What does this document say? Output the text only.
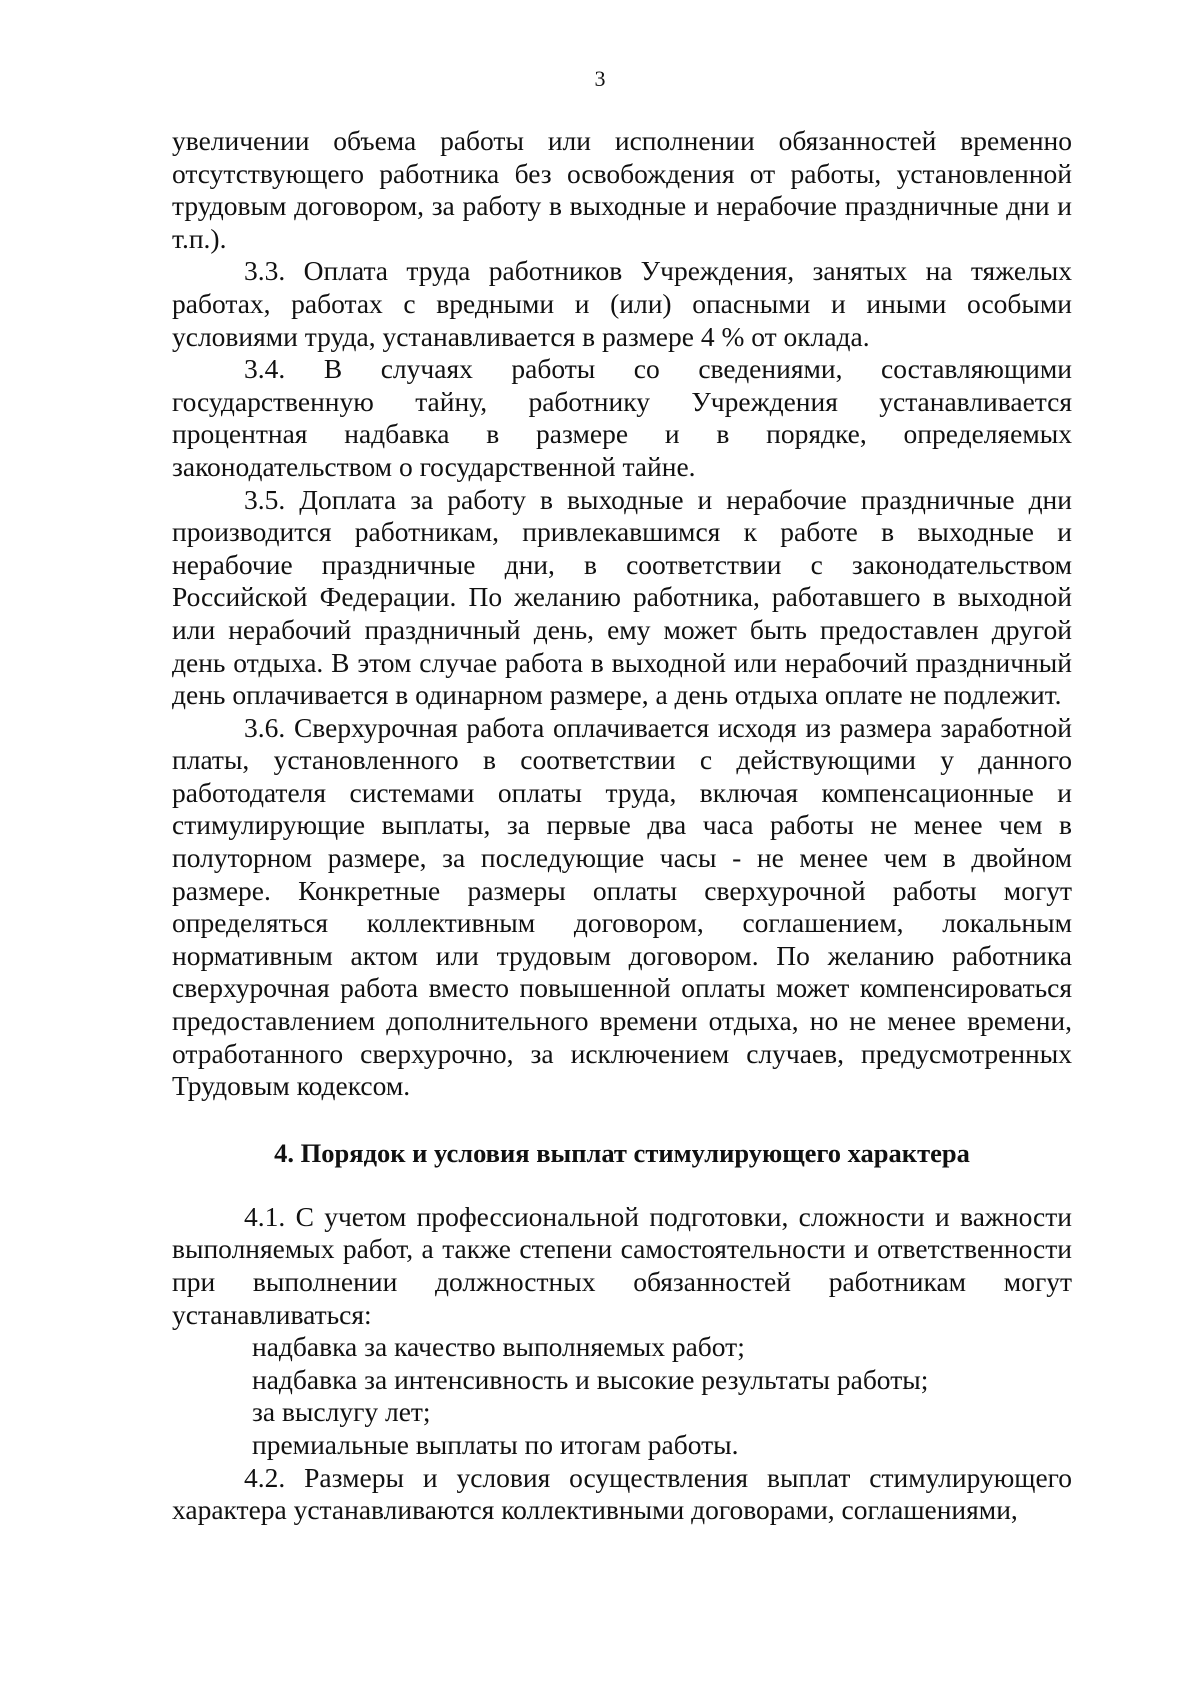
3

увеличении объема работы или исполнении обязанностей временно отсутствующего работника без освобождения от работы, установленной трудовым договором, за работу в выходные и нерабочие праздничные дни и т.п.).

3.3. Оплата труда работников Учреждения, занятых на тяжелых работах, работах с вредными и (или) опасными и иными особыми условиями труда, устанавливается в размере 4 % от оклада.

3.4. В случаях работы со сведениями, составляющими государственную тайну, работнику Учреждения устанавливается процентная надбавка в размере и в порядке, определяемых законодательством о государственной тайне.

3.5. Доплата за работу в выходные и нерабочие праздничные дни производится работникам, привлекавшимся к работе в выходные и нерабочие праздничные дни, в соответствии с законодательством Российской Федерации. По желанию работника, работавшего в выходной или нерабочий праздничный день, ему может быть предоставлен другой день отдыха. В этом случае работа в выходной или нерабочий праздничный день оплачивается в одинарном размере, а день отдыха оплате не подлежит.

3.6. Сверхурочная работа оплачивается исходя из размера заработной платы, установленного в соответствии с действующими у данного работодателя системами оплаты труда, включая компенсационные и стимулирующие выплаты, за первые два часа работы не менее чем в полуторном размере, за последующие часы - не менее чем в двойном размере. Конкретные размеры оплаты сверхурочной работы могут определяться коллективным договором, соглашением, локальным нормативным актом или трудовым договором. По желанию работника сверхурочная работа вместо повышенной оплаты может компенсироваться предоставлением дополнительного времени отдыха, но не менее времени, отработанного сверхурочно, за исключением случаев, предусмотренных Трудовым кодексом.

4. Порядок и условия выплат стимулирующего характера

4.1. С учетом профессиональной подготовки, сложности и важности выполняемых работ, а также степени самостоятельности и ответственности при выполнении должностных обязанностей работникам могут устанавливаться:

надбавка за качество выполняемых работ;

надбавка за интенсивность и высокие результаты работы;

за выслугу лет;

премиальные выплаты по итогам работы.

4.2. Размеры и условия осуществления выплат стимулирующего характера устанавливаются коллективными договорами, соглашениями,
